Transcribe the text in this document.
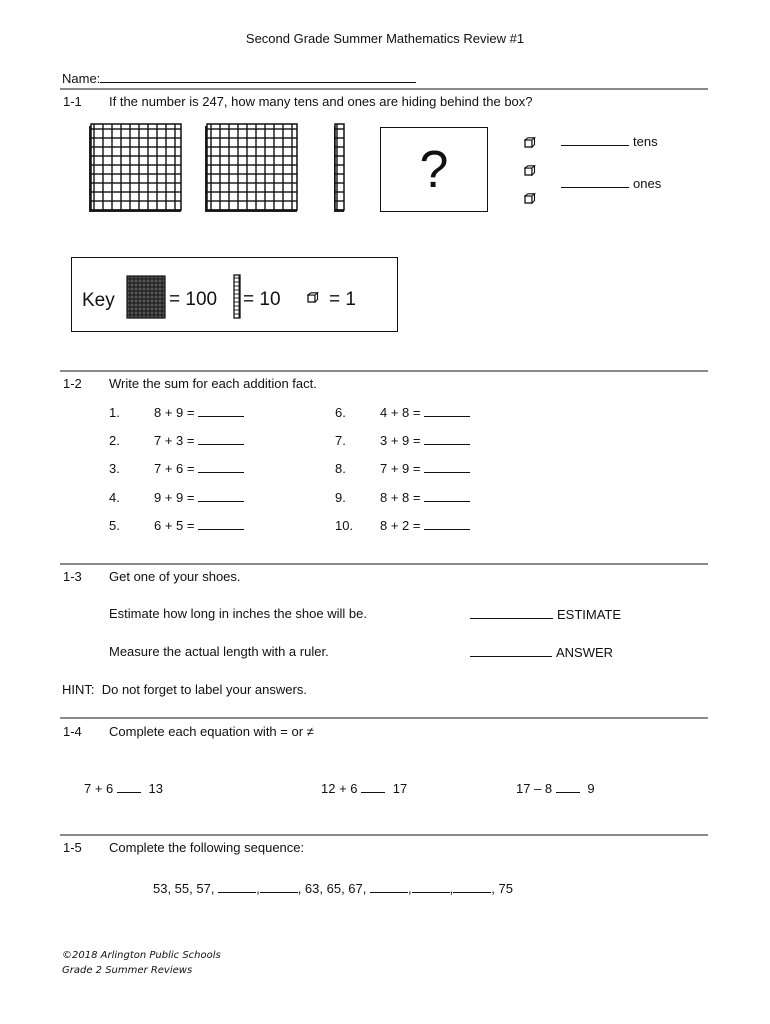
Second Grade Summer Mathematics Review #1
Name:
1-1 If the number is 247, how many tens and ones are hiding behind the box?
?	tens
ones
Key	= 100 = 10	= 1
1-2 Write the sum for each addition fact.
1.	8 + 9 =
2.	7 + 3 =
3.	7 + 6 =
4.	9 + 9 =
5.	6 + 5 =
6.	4 + 8 =
7.	3 + 9 =
8.	7 + 9 =
9.	8 + 8 =
10. 8 + 2 =
1-3 Get one of your shoes.
Estimate how long in inches the shoe will be.	ESTIMATE
Measure the actual length with a ruler.	ANSWER
HINT:  Do not forget to label your answers.
1-4 Complete each equation with = or ≠
7 + 6	13	12 + 6	17	17 – 8	9
1-5 Complete the following sequence:
53, 55, 57,	,	, 63, 65, 67,	,	,	, 75
©2018 Arlington Public Schools
Grade 2 Summer Reviews
